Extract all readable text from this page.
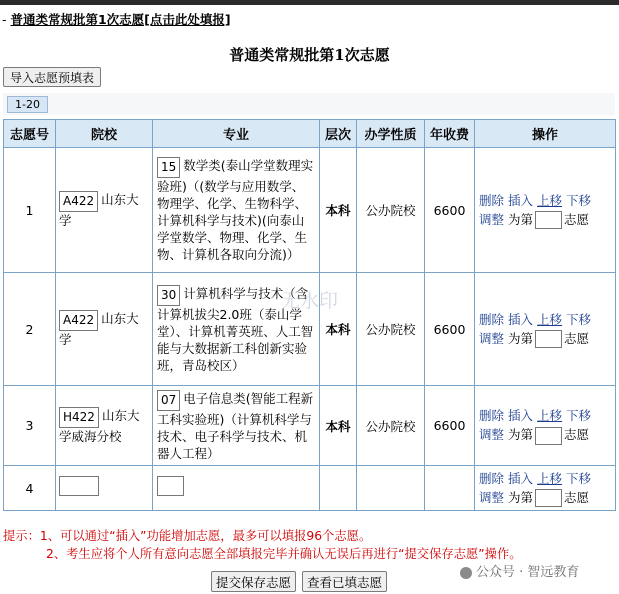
- 普通类常规批第1次志愿[点击此处填报]
普通类常规批第1次志愿
导入志愿预填表
1-20
志愿号	院校	专业	层次	办学性质	年收费	操作
1	A422 山东大学	15 数学类(泰山学堂数理实验班)（(数学与应用数学、物理学、化学、生物科学、计算机科学与技术)(向泰山学堂数学、物理、化学、生物、计算机各取向分流)）	本科	公办院校	6600	删除 插入 上移 下移
调整 为第 志愿
2	A422 山东大学	30 计算机科学与技术（含计算机拔尖2.0班（泰山学堂）、计算机菁英班、人工智能与大数据新工科创新实验班，青岛校区）	本科	公办院校	6600	删除 插入 上移 下移
调整 为第 志愿
3	H422 山东大学威海分校	07 电子信息类(智能工程新工科实验班)（计算机科学与技术、电子科学与技术、机器人工程）	本科	公办院校	6600	删除 插入 上移 下移
调整 为第 志愿
4						删除 插入 上移 下移
调整 为第 志愿
无水印
提示：1、可以通过“插入”功能增加志愿，最多可以填报96个志愿。
2、考生应将个人所有意向志愿全部填报完毕并确认无误后再进行“提交保存志愿”操作。
公众号 · 智远教育
提交保存志愿 查看已填志愿
